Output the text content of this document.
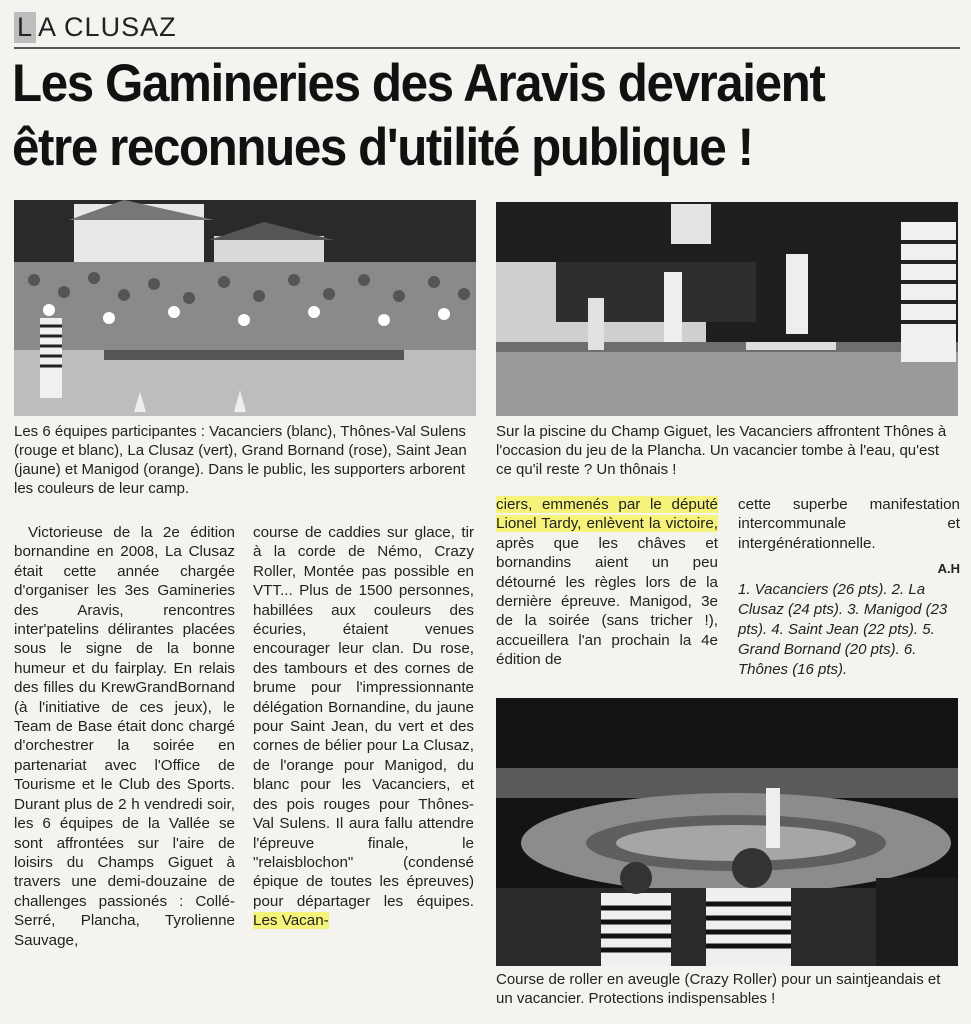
L A CLUSAZ
Les Gamineries des Aravis devraient
être reconnues d'utilité publique !
Les 6 équipes participantes : Vacanciers (blanc), Thônes-Val Sulens (rouge et blanc), La Clusaz (vert), Grand Bornand (rose), Saint Jean (jaune) et Manigod (orange). Dans le public, les supporters arborent les couleurs de leur camp.
Sur la piscine du Champ Giguet, les Vacanciers affrontent Thônes à l'occasion du jeu de la Plancha. Un vacancier tombe à l'eau, qu'est ce qu'il reste ? Un thônais !
Course de roller en aveugle (Crazy Roller) pour un saintjeandais et un vacancier. Protections indispensables !

Victorieuse de la 2e édition bornandine en 2008, La Clusaz était cette année chargée d'organiser les 3es Gamineries des Aravis, rencontres inter'patelins délirantes placées sous le signe de la bonne humeur et du fairplay. En relais des filles du KrewGrandBornand (à l'initiative de ces jeux), le Team de Base était donc chargé d'orchestrer la soirée en partenariat avec l'Office de Tourisme et le Club des Sports. Durant plus de 2 h vendredi soir, les 6 équipes de la Vallée se sont affrontées sur l'aire de loisirs du Champs Giguet à travers une demi-douzaine de challenges passionés : Collé-Serré, Plancha, Tyrolienne Sauvage,

course de caddies sur glace, tir à la corde de Némo, Crazy Roller, Montée pas possible en VTT... Plus de 1500 personnes, habillées aux couleurs des écuries, étaient venues encourager leur clan. Du rose, des tambours et des cornes de brume pour l'impressionnante délégation Bornandine, du jaune pour Saint Jean, du vert et des cornes de bélier pour La Clusaz, de l'orange pour Manigod, du blanc pour les Vacanciers, et des pois rouges pour Thônes-Val Sulens. Il aura fallu attendre l'épreuve finale, le "relaisblochon" (condensé épique de toutes les épreuves) pour départager les équipes. Les Vacan-

ciers, emmenés par le député Lionel Tardy, enlèvent la victoire, après que les châves et bornandins aient un peu détourné les règles lors de la dernière épreuve. Manigod, 3e de la soirée (sans tricher !), accueillera l'an prochain la 4e édition de

cette superbe manifestation intercommunale et intergénérationnelle.

A.H
1. Vacanciers (26 pts). 2. La Clusaz (24 pts). 3. Manigod (23 pts). 4. Saint Jean (22 pts). 5. Grand Bornand (20 pts). 6. Thônes (16 pts).
